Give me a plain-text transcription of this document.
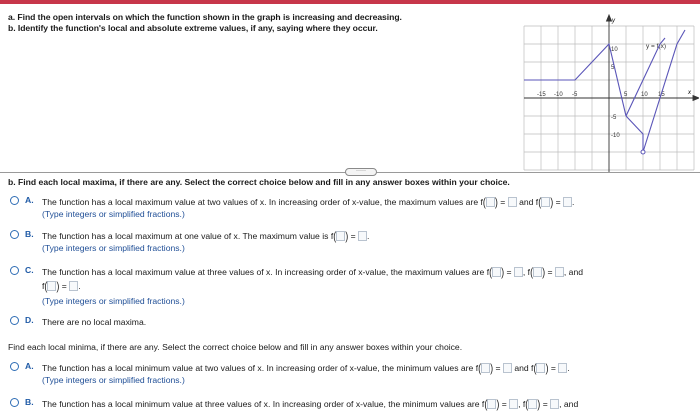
a. Find the open intervals on which the function shown in the graph is increasing and decreasing.
b. Identify the function's local and absolute extreme values, if any, saying where they occur.
y
x
y = f(x)
-15 -10 -5	5 10 15
10
5
-5
-10
·····
b. Find each local maxima, if there are any. Select the correct choice below and fill in any answer boxes within your choice.
A. The function has a local maximum value at two values of x. In increasing order of x-value, the maximum values are f( ) = and f( ) = .
(Type integers or simplified fractions.)
B. The function has a local maximum at one value of x. The maximum value is f( ) = .
(Type integers or simplified fractions.)
C. The function has a local maximum value at three values of x. In increasing order of x-value, the maximum values are f( ) = , f( ) = , and
f( ) = .
(Type integers or simplified fractions.)
D. There are no local maxima.
Find each local minima, if there are any. Select the correct choice below and fill in any answer boxes within your choice.
A. The function has a local minimum value at two values of x. In increasing order of x-value, the minimum values are f( ) = and f( ) = .
(Type integers or simplified fractions.)
B. The function has a local minimum value at three values of x. In increasing order of x-value, the minimum values are f( ) = , f( ) = , and
